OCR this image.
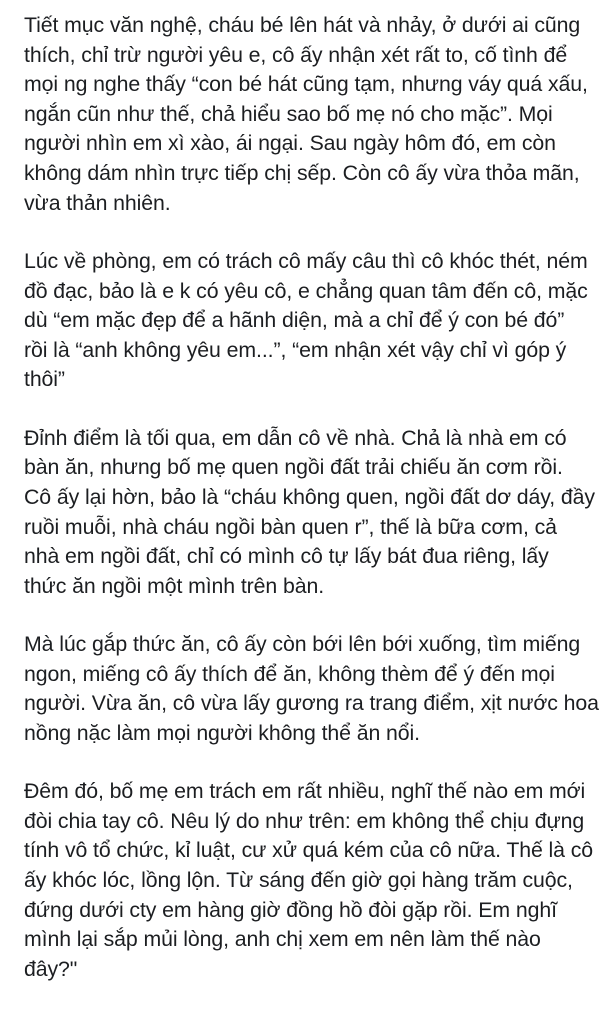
Tiết mục văn nghệ, cháu bé lên hát và nhảy, ở dưới ai cũng
thích, chỉ trừ người yêu e, cô ấy nhận xét rất to, cố tình để
mọi ng nghe thấy “con bé hát cũng tạm, nhưng váy quá xấu,
ngắn cũn như thế, chả hiểu sao bố mẹ nó cho mặc”. Mọi
người nhìn em xì xào, ái ngại. Sau ngày hôm đó, em còn
không dám nhìn trực tiếp chị sếp. Còn cô ấy vừa thỏa mãn,
vừa thản nhiên.

Lúc về phòng, em có trách cô mấy câu thì cô khóc thét, ném
đồ đạc, bảo là e k có yêu cô, e chẳng quan tâm đến cô, mặc
dù “em mặc đẹp để a hãnh diện, mà a chỉ để ý con bé đó”
rồi là “anh không yêu em...”, “em nhận xét vậy chỉ vì góp ý
thôi”

Đỉnh điểm là tối qua, em dẫn cô về nhà. Chả là nhà em có
bàn ăn, nhưng bố mẹ quen ngồi đất trải chiếu ăn cơm rồi.
Cô ấy lại hờn, bảo là “cháu không quen, ngồi đất dơ dáy, đầy
ruồi muỗi, nhà cháu ngồi bàn quen r”, thế là bữa cơm, cả
nhà em ngồi đất, chỉ có mình cô tự lấy bát đua riêng, lấy
thức ăn ngồi một mình trên bàn.

Mà lúc gắp thức ăn, cô ấy còn bới lên bới xuống, tìm miếng
ngon, miếng cô ấy thích để ăn, không thèm để ý đến mọi
người. Vừa ăn, cô vừa lấy gương ra trang điểm, xịt nước hoa
nồng nặc làm mọi người không thể ăn nổi.

Đêm đó, bố mẹ em trách em rất nhiều, nghĩ thế nào em mới
đòi chia tay cô. Nêu lý do như trên: em không thể chịu đựng
tính vô tổ chức, kỉ luật, cư xử quá kém của cô nữa. Thế là cô
ấy khóc lóc, lồng lộn. Từ sáng đến giờ gọi hàng trăm cuộc,
đứng dưới cty em hàng giờ đồng hồ đòi gặp rồi. Em nghĩ
mình lại sắp mủi lòng, anh chị xem em nên làm thế nào
đây?"
